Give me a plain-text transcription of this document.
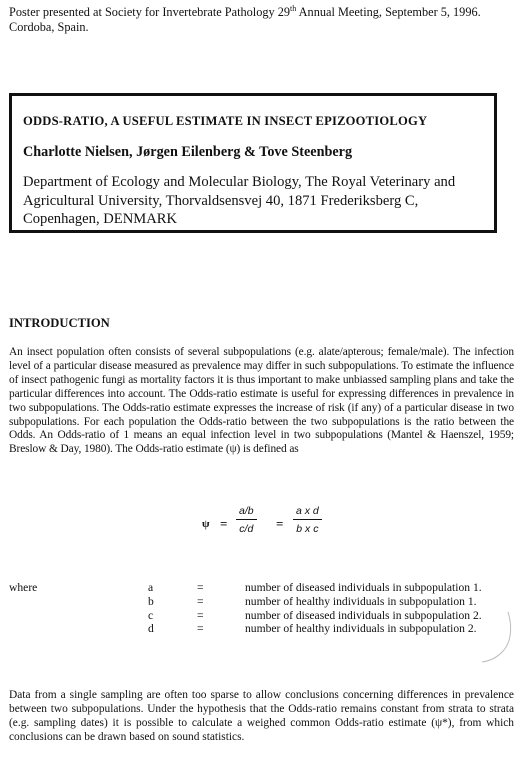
Poster presented at Society for Invertebrate Pathology 29th Annual Meeting, September 5, 1996. Cordoba, Spain.
ODDS-RATIO, A USEFUL ESTIMATE IN INSECT EPIZOOTIOLOGY
Charlotte Nielsen, Jørgen Eilenberg & Tove Steenberg
Department of Ecology and Molecular Biology, The Royal Veterinary and Agricultural University, Thorvaldsensvej 40, 1871 Frederiksberg C, Copenhagen, DENMARK
INTRODUCTION
An insect population often consists of several subpopulations (e.g. alate/apterous; female/male). The infection level of a particular disease measured as prevalence may differ in such subpopulations. To estimate the influence of insect pathogenic fungi as mortality factors it is thus important to make unbiassed sampling plans and take the particular differences into account. The Odds-ratio estimate is useful for expressing differences in prevalence in two subpopulations. The Odds-ratio estimate expresses the increase of risk (if any) of a particular disease in two subpopulations. For each population the Odds-ratio between the two subpopulations is the ratio between the Odds. An Odds-ratio of 1 means an equal infection level in two subpopulations (Mantel & Haenszel, 1959; Breslow & Day, 1980). The Odds-ratio estimate (ψ) is defined as
ψ =
a/b
c/d =
a x d
b x c
where	a	=	number of diseased individuals in subpopulation 1.
b	=	number of healthy individuals in subpopulation 1.
c	=	number of diseased individuals in subpopulation 2.
d	=	number of healthy individuals in subpopulation 2.
Data from a single sampling are often too sparse to allow conclusions concerning differences in prevalence between two subpopulations. Under the hypothesis that the Odds-ratio remains constant from strata to strata (e.g. sampling dates) it is possible to calculate a weighed common Odds-ratio estimate (ψ*), from which conclusions can be drawn based on sound statistics.
